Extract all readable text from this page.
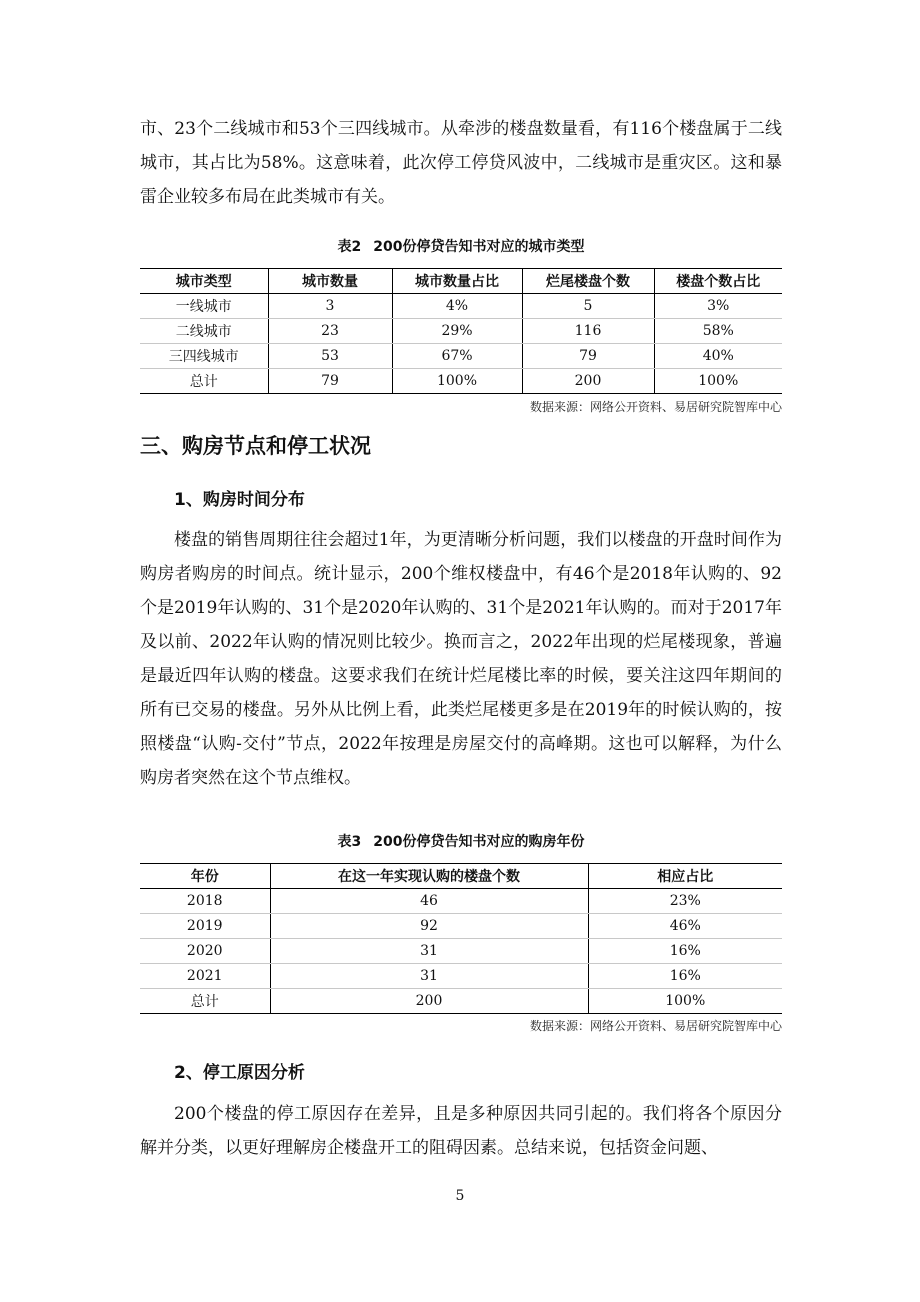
市、23个二线城市和53个三四线城市。从牵涉的楼盘数量看，有116个楼盘属于二线城市，其占比为58%。这意味着，此次停工停贷风波中，二线城市是重灾区。这和暴雷企业较多布局在此类城市有关。

表2 200份停贷告知书对应的城市类型

城市类型	城市数量	城市数量占比	烂尾楼盘个数	楼盘个数占比
一线城市	3	4%	5	3%
二线城市	23	29%	116	58%
三四线城市	53	67%	79	40%
总计	79	100%	200	100%

数据来源：网络公开资料、易居研究院智库中心

三、购房节点和停工状况

1、购房时间分布

楼盘的销售周期往往会超过1年，为更清晰分析问题，我们以楼盘的开盘时间作为购房者购房的时间点。统计显示，200个维权楼盘中，有46个是2018年认购的、92个是2019年认购的、31个是2020年认购的、31个是2021年认购的。而对于2017年及以前、2022年认购的情况则比较少。换而言之，2022年出现的烂尾楼现象，普遍是最近四年认购的楼盘。这要求我们在统计烂尾楼比率的时候，要关注这四年期间的所有已交易的楼盘。另外从比例上看，此类烂尾楼更多是在2019年的时候认购的，按照楼盘“认购-交付”节点，2022年按理是房屋交付的高峰期。这也可以解释，为什么购房者突然在这个节点维权。

表3 200份停贷告知书对应的购房年份

年份	在这一年实现认购的楼盘个数	相应占比
2018	46	23%
2019	92	46%
2020	31	16%
2021	31	16%
总计	200	100%

数据来源：网络公开资料、易居研究院智库中心

2、停工原因分析

200个楼盘的停工原因存在差异，且是多种原因共同引起的。我们将各个原因分解并分类，以更好理解房企楼盘开工的阻碍因素。总结来说，包括资金问题、

5
